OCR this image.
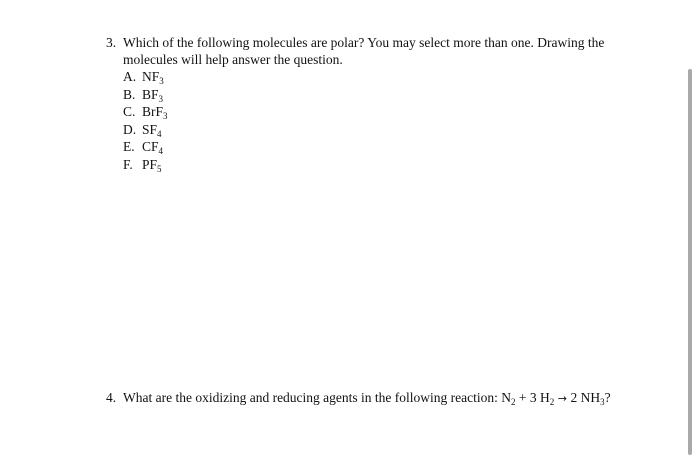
3. Which of the following molecules are polar? You may select more than one. Drawing the molecules will help answer the question.
A. $NF_3$
B. $BF_3$
C. BrF$_3$
D. $SF_4$
E. $CF_4$
F. $PF_5$
4. What are the oxidizing and reducing agents in the following reaction: $N_2 + 3$ $H_2 \to 2$ $NH_3$?
